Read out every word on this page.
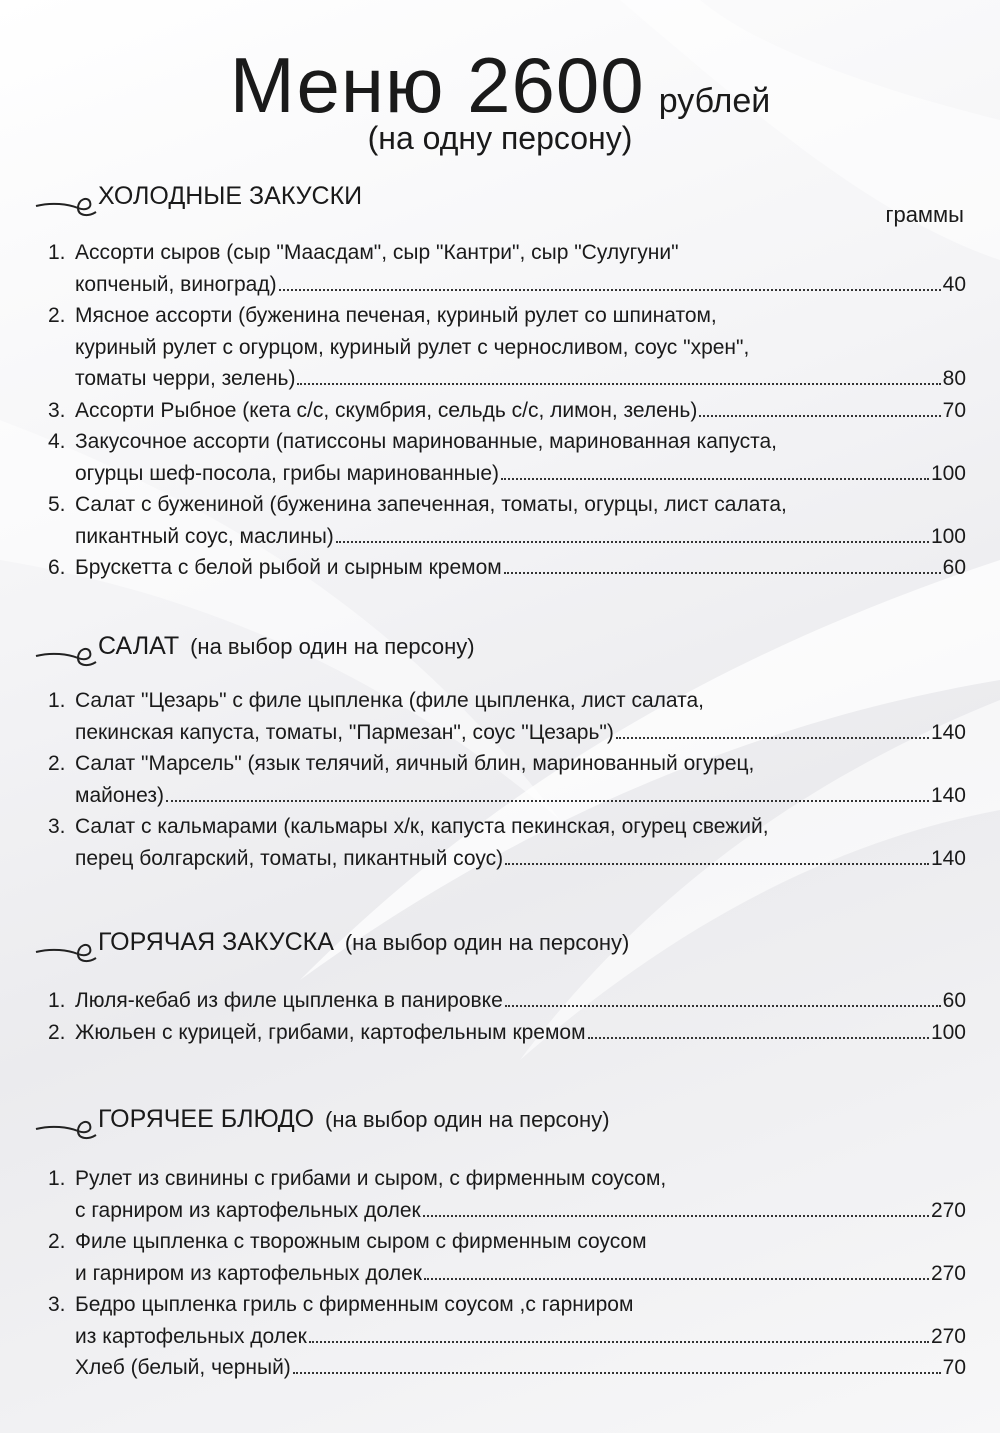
Меню 2600 рублей
(на одну персону)
граммы
ХОЛОДНЫЕ ЗАКУСКИ
1. Ассорти сыров (сыр "Маасдам", сыр "Кантри", сыр "Сулугуни"
копченый, виноград)	40
2. Мясное ассорти (буженина печеная, куриный рулет со шпинатом,
куриный рулет с огурцом, куриный рулет с черносливом, соус "хрен",
томаты черри, зелень)	80
3. Ассорти Рыбное (кета с/с, скумбрия, сельдь с/с, лимон, зелень)	70
4. Закусочное ассорти (патиссоны маринованные, маринованная капуста,
огурцы шеф-посола, грибы маринованные)	100
5. Салат с бужениной (буженина запеченная, томаты, огурцы, лист салата,
пикантный соус, маслины)	100
6. Брускетта с белой рыбой и сырным кремом	60
САЛАТ (на выбор один на персону)
1. Салат "Цезарь" с филе цыпленка (филе цыпленка, лист салата,
пекинская капуста, томаты, "Пармезан", соус "Цезарь")	140
2. Салат "Марсель" (язык телячий, яичный блин, маринованный огурец,
майонез)	140
3. Салат с кальмарами (кальмары х/к, капуста пекинская, огурец свежий,
перец болгарский, томаты, пикантный соус)	140
ГОРЯЧАЯ ЗАКУСКА (на выбор один на персону)
1. Люля-кебаб из филе цыпленка в панировке	60
2. Жюльен с курицей, грибами, картофельным кремом	100
ГОРЯЧЕЕ БЛЮДО (на выбор один на персону)
1. Рулет из свинины с грибами и сыром, с фирменным соусом,
с гарниром из картофельных долек	270
2. Филе цыпленка с творожным сыром с фирменным соусом
и гарниром из картофельных долек	270
3. Бедро цыпленка гриль с фирменным соусом ,с гарниром
из картофельных долек	270
Хлеб (белый, черный)	70
